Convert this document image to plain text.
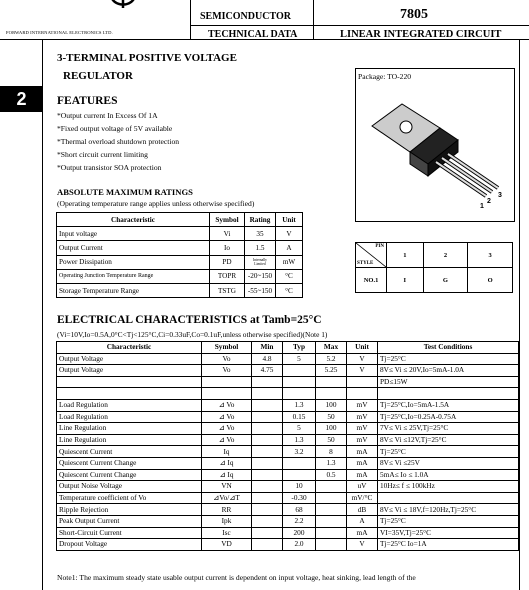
FORWARD INTERNATIONAL ELECTRONICS LTD.
SEMICONDUCTOR
TECHNICAL DATA
7805
LINEAR INTEGRATED CIRCUIT
2
3-TERMINAL POSITIVE VOLTAGE
REGULATOR
FEATURES
*Output current In Excess Of 1A
*Fixed output voltage of 5V available
*Thermal overload shutdown protection
*Short circuit current limiting
*Output transistor SOA protection
Package: TO-220
1
2
3
PIN
STYLE	1	2	3
NO.1	I	G	O
ABSOLUTE MAXIMUM RATINGS
(Operating temperature range applies unless otherwise specified)
Characteristic	Symbol	Rating	Unit
Input voltage	Vi	35	V
Output Current	Io	1.5	A
Power Dissipation	PD	Internally Limited	mW
Operating Junction Temperature Range	TOPR	-20~150	°C
Storage Temperature Range	TSTG	-55~150	°C
ELECTRICAL CHARACTERISTICS at Tamb=25°C
(Vi=10V,Io=0.5A,0°C<Tj<125°C,Ci=0.33uF,Co=0.1uF,unless otherwise specified)(Note 1)
Characteristic	Symbol	Min	Typ	Max	Unit	Test Conditions
Output Voltage	Vo	4.8	5	5.2	V	Tj=25°C
Output Voltage	Vo	4.75		5.25	V	8V≤ Vi ≤ 20V,Io=5mA-1.0A
						PD≤15W

Load Regulation	⊿ Vo		1.3	100	mV	Tj=25°C,Io=5mA-1.5A
Load Regulation	⊿ Vo		0.15	50	mV	Tj=25°C,Io=0.25A-0.75A
Line Regulation	⊿ Vo		5	100	mV	7V≤ Vi ≤ 25V,Tj=25°C
Line Regulation	⊿ Vo		1.3	50	mV	8V≤ Vi ≤12V,Tj=25°C
Quiescent Current	Iq		3.2	8	mA	Tj=25°C
Quiescent Current Change	⊿ Iq			1.3	mA	8V≤ Vi ≤25V
Quiescent Current Change	⊿ Iq			0.5	mA	5mA≤ Io ≤ 1.0A
Output Noise Voltage	VN		10		uV	10Hz≤ f ≤ 100kHz
Temperature coefficient of Vo	⊿Vo/⊿T		-0.30		mV/°C	
Ripple Rejection	RR		68		dB	8V≤ Vi ≤ 18V,f=120Hz,Tj=25°C
Peak Output Current	Ipk		2.2		A	Tj=25°C
Short-Circuit Current	Isc		200		mA	VI=35V,Tj=25°C
Dropout Voltage	VD		2.0		V	Tj=25°C Io=1A
Note1: The maximum steady state usable output current is dependent on input voltage, heat sinking, lead length of the
